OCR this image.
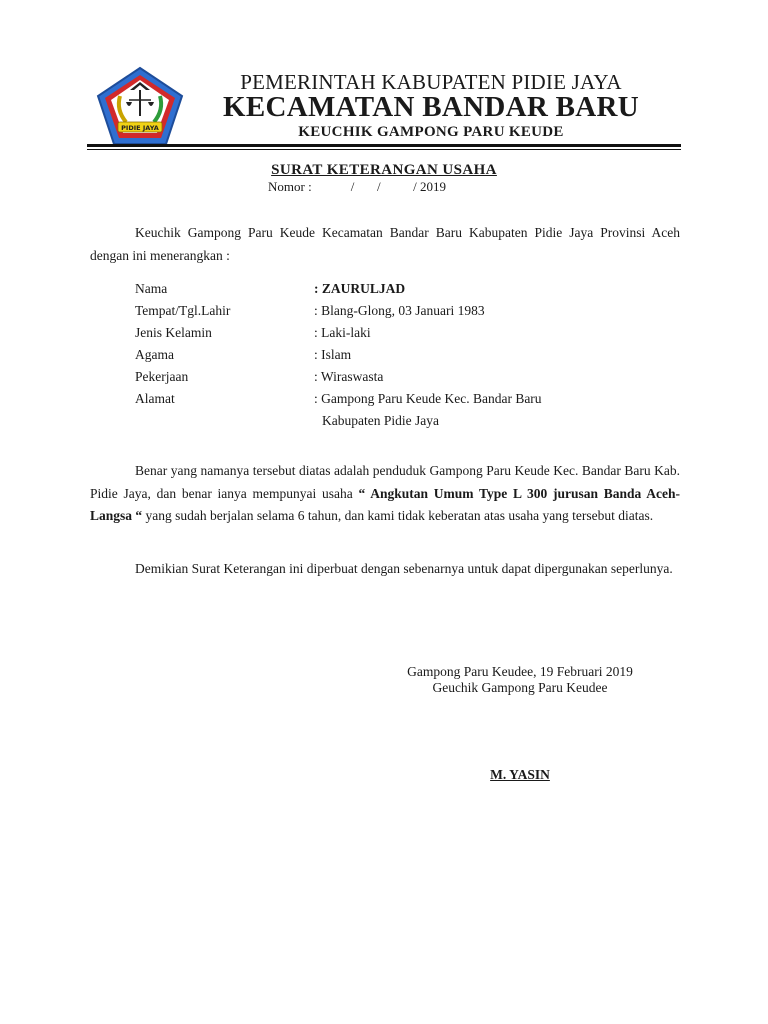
PIDIE JAYA
PEMERINTAH KABUPATEN PIDIE JAYA
KECAMATAN BANDAR BARU
KEUCHIK GAMPONG PARU KEUDE
SURAT KETERANGAN USAHA
Nomor :            /       /          / 2019
Keuchik Gampong Paru Keude Kecamatan Bandar Baru Kabupaten Pidie Jaya Provinsi Aceh dengan ini menerangkan :
Nama	: ZAURULJAD
Tempat/Tgl.Lahir	: Blang-Glong, 03 Januari 1983
Jenis Kelamin	: Laki-laki
Agama	: Islam
Pekerjaan	: Wiraswasta
Alamat	: Gampong Paru Keude Kec. Bandar Baru
Kabupaten Pidie Jaya
Benar yang namanya tersebut diatas adalah penduduk Gampong Paru Keude Kec. Bandar Baru Kab. Pidie Jaya, dan benar ianya mempunyai usaha “ Angkutan Umum Type L 300 jurusan Banda Aceh-Langsa “ yang sudah berjalan selama 6 tahun, dan kami tidak keberatan atas usaha yang tersebut diatas.
Demikian Surat Keterangan ini diperbuat dengan sebenarnya untuk dapat dipergunakan seperlunya.
Gampong Paru Keudee, 19 Februari 2019
Geuchik Gampong Paru Keudee
M. YASIN
